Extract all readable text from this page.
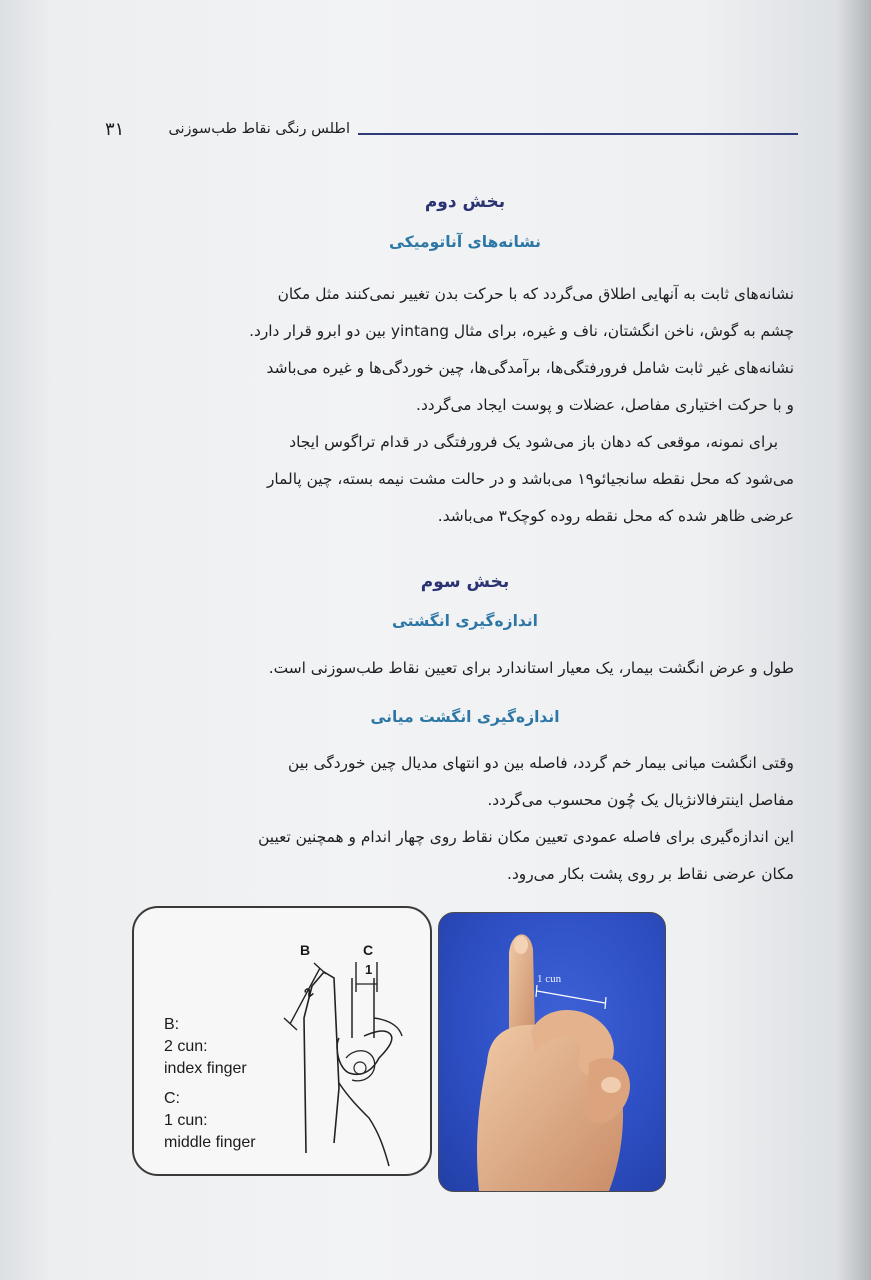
۳۱	اطلس رنگی نقاط طب‌سوزنی
بخش دوم
نشانه‌های آناتومیکی
نشانه‌های ثابت به آنهایی اطلاق می‌گردد که با حرکت بدن تغییر نمی‌کنند مثل مکان
چشم به گوش، ناخن انگشتان، ناف و غیره، برای مثال yintang بین دو ابرو قرار دارد.
نشانه‌های غیر ثابت شامل فرورفتگی‌ها، برآمدگی‌ها، چین خوردگی‌ها و غیره می‌باشد
و با حرکت اختیاری مفاصل، عضلات و پوست ایجاد می‌گردد.
برای نمونه، موقعی که دهان باز می‌شود یک فرورفتگی در قدام تراگوس ایجاد
می‌شود که محل نقطه سانجیائو۱۹ می‌باشد و در حالت مشت نیمه بسته، چین پالمار
عرضی ظاهر شده که محل نقطه روده کوچک۳ می‌باشد.
بخش سوم
اندازه‌گیری انگشتی
طول و عرض انگشت بیمار، یک معیار استاندارد برای تعیین نقاط طب‌سوزنی است.
اندازه‌گیری انگشت میانی
وقتی انگشت میانی بیمار خم گردد، فاصله بین دو انتهای مدیال چین خوردگی بین
مفاصل اینترفالانژیال یک چُون محسوب می‌گردد.
این اندازه‌گیری برای فاصله عمودی تعیین مکان نقاط روی چهار اندام و همچنین تعیین
مکان عرضی نقاط بر روی پشت بکار می‌رود.
B	C
2
1
B:
2 cun:
index finger
C:
1 cun:
middle finger
1 cun
